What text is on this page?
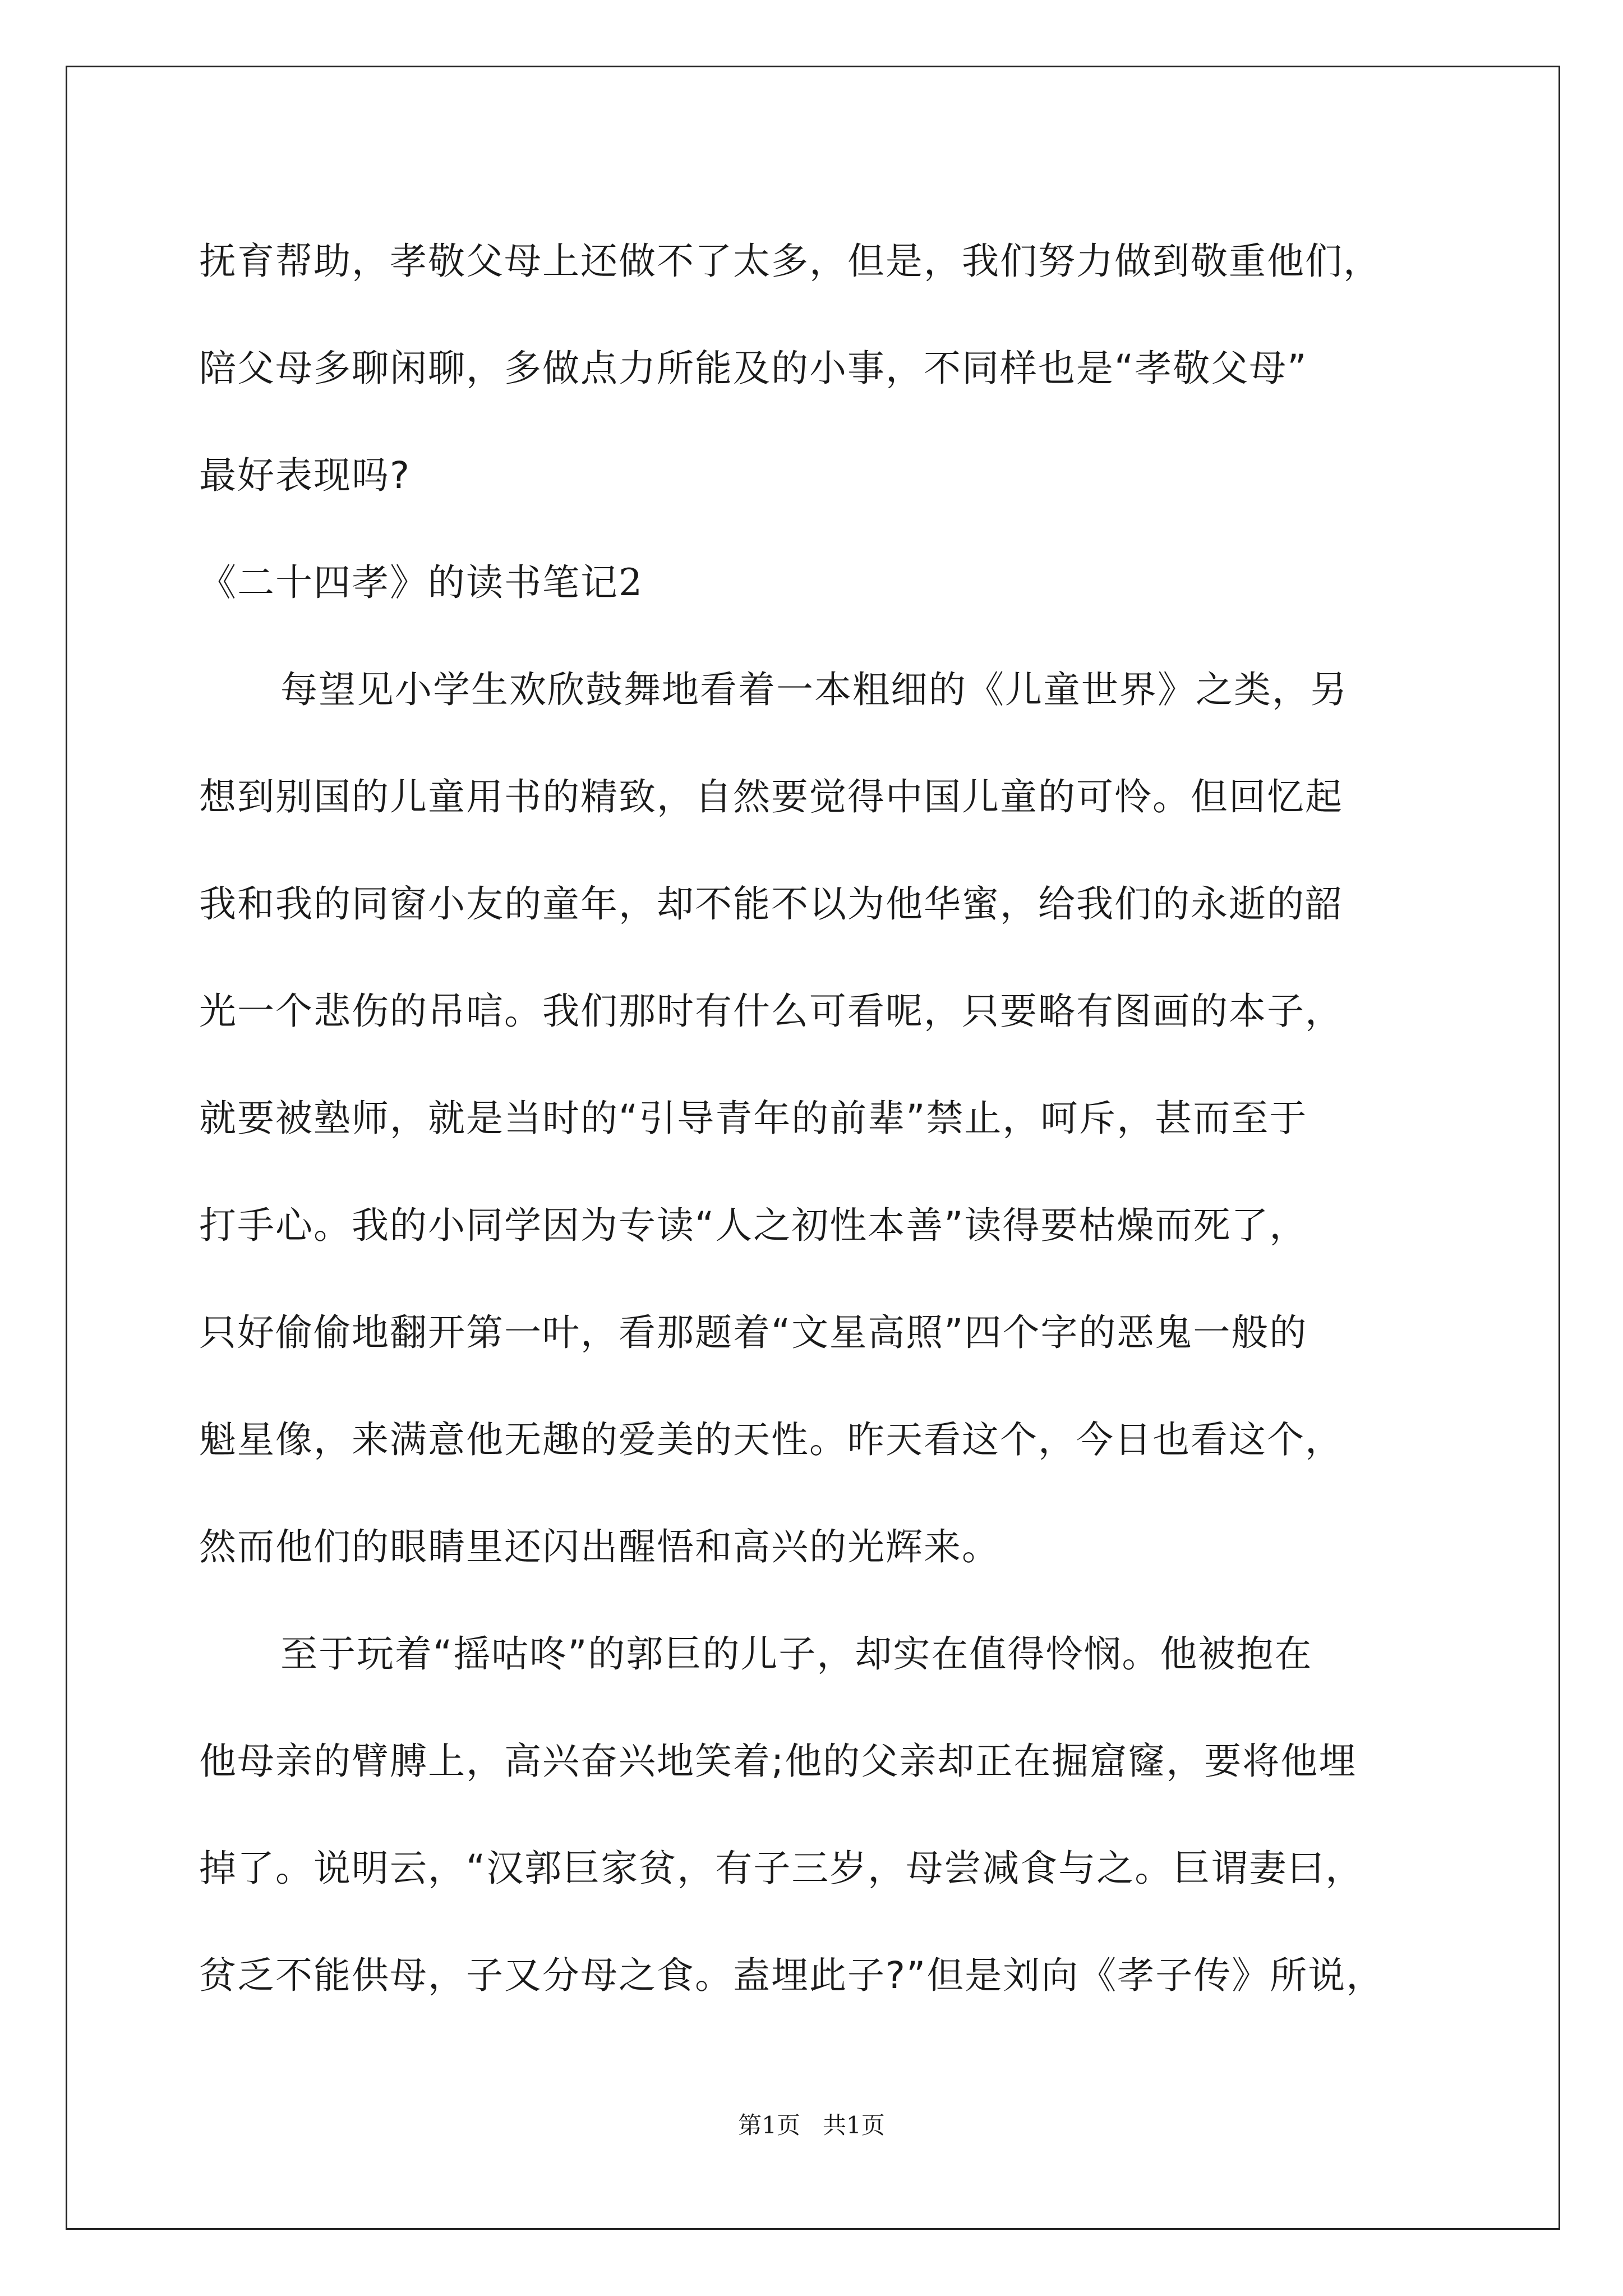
抚育帮助，孝敬父母上还做不了太多，但是，我们努力做到敬重他们，
陪父母多聊闲聊，多做点力所能及的小事，不同样也是“孝敬父母”
最好表现吗?
《二十四孝》的读书笔记2
每望见小学生欢欣鼓舞地看着一本粗细的《儿童世界》之类，另
想到别国的儿童用书的精致，自然要觉得中国儿童的可怜。但回忆起
我和我的同窗小友的童年，却不能不以为他华蜜，给我们的永逝的韶
光一个悲伤的吊唁。我们那时有什么可看呢，只要略有图画的本子，
就要被塾师，就是当时的“引导青年的前辈”禁止，呵斥，甚而至于
打手心。我的小同学因为专读“人之初性本善”读得要枯燥而死了，
只好偷偷地翻开第一叶，看那题着“文星高照”四个字的恶鬼一般的
魁星像，来满意他无趣的爱美的天性。昨天看这个，今日也看这个，
然而他们的眼睛里还闪出醒悟和高兴的光辉来。
至于玩着“摇咕咚”的郭巨的儿子，却实在值得怜悯。他被抱在
他母亲的臂膊上，高兴奋兴地笑着;他的父亲却正在掘窟窿，要将他埋
掉了。说明云，“汉郭巨家贫，有子三岁，母尝减食与之。巨谓妻曰，
贫乏不能供母，子又分母之食。盍埋此子?”但是刘向《孝子传》所说，
第1页 共1页
